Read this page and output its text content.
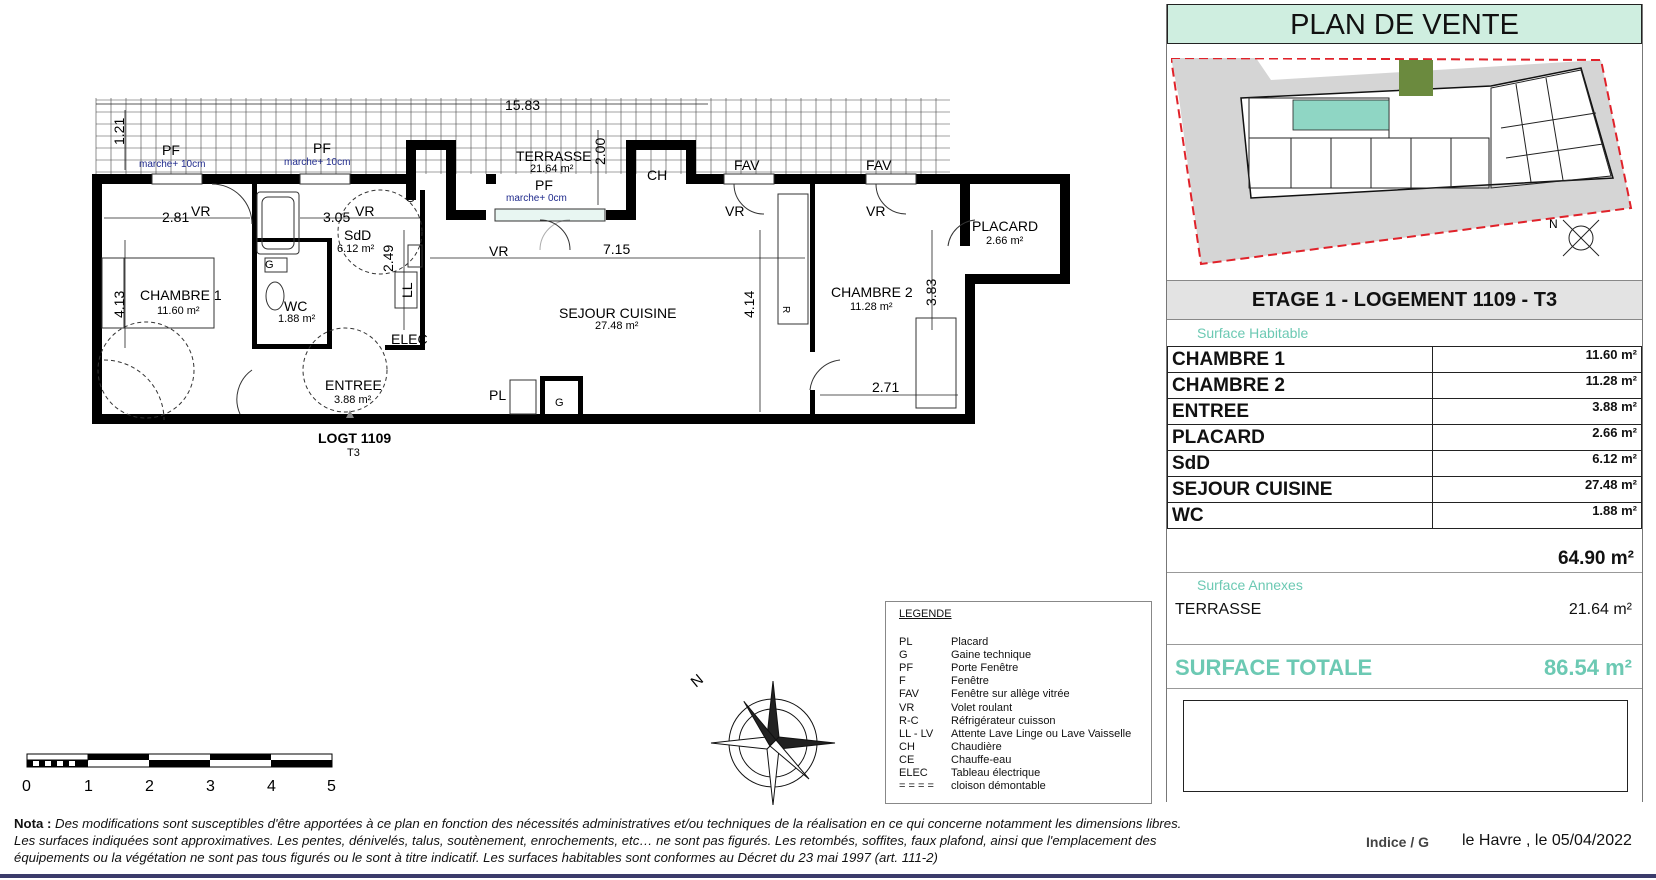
CHAMBRE 1
11.60 m²	WC
1.88 m²
SdD
6.12 m²
ENTREE
3.88 m²
SEJOUR CUISINE
27.48 m²
CHAMBRE 2
11.28 m²
PLACARD
2.66 m²
TERRASSE
21.64 m²
15.83
1.21
2.00
2.81
4.13
3.05
2.49	7.15
4.14	3.83
2.71
PF
marche+ 10cm
PF
marche+ 10cm
PF
marche+ 0cm
VR	VR
VR
VR	VR
FAV	FAV
CH
G
G
G
LL
ELEC
PL
R
LOGT 1109
T3
N
0	1	2	3	4	5
LEGENDE
PL	Placard
G	Gaine technique
PF	Porte Fenêtre
F	Fenêtre
FAV	Fenêtre sur allège vitrée
VR	Volet roulant
R-C	Réfrigérateur cuisson
LL - LV Attente Lave Linge ou Lave Vaisselle
CH	Chaudière
CE	Chauffe-eau
ELEC Tableau électrique
= = = = cloison démontable
PLAN DE VENTE
N
ETAGE 1 - LOGEMENT 1109 - T3
Surface Habitable
CHAMBRE 1	11.60 m²
CHAMBRE 2	11.28 m²
ENTREE	3.88 m²
PLACARD	2.66 m²
SdD	6.12 m²
SEJOUR CUISINE	27.48 m²
WC	1.88 m²
64.90 m²
Surface Annexes
TERRASSE	21.64 m²
SURFACE TOTALE	86.54 m²
Nota : Des modifications sont susceptibles d'être apportées à ce plan en fonction des nécessités administratives et/ou techniques de la réalisation en ce qui concerne notamment les dimensions libres.
Les surfaces indiquées sont approximatives. Les pentes, dénivelés, talus, soutènement, enrochements, etc… ne sont pas figurés. Les retombés, soffites, faux plafond, ainsi que l'emplacement des
équipements ou la végétation ne sont pas tous figurés ou le sont à titre indicatif. Les surfaces habitables sont conformes au Décret du 23 mai 1997 (art. 111-2)
Indice / G le Havre , le 05/04/2022
